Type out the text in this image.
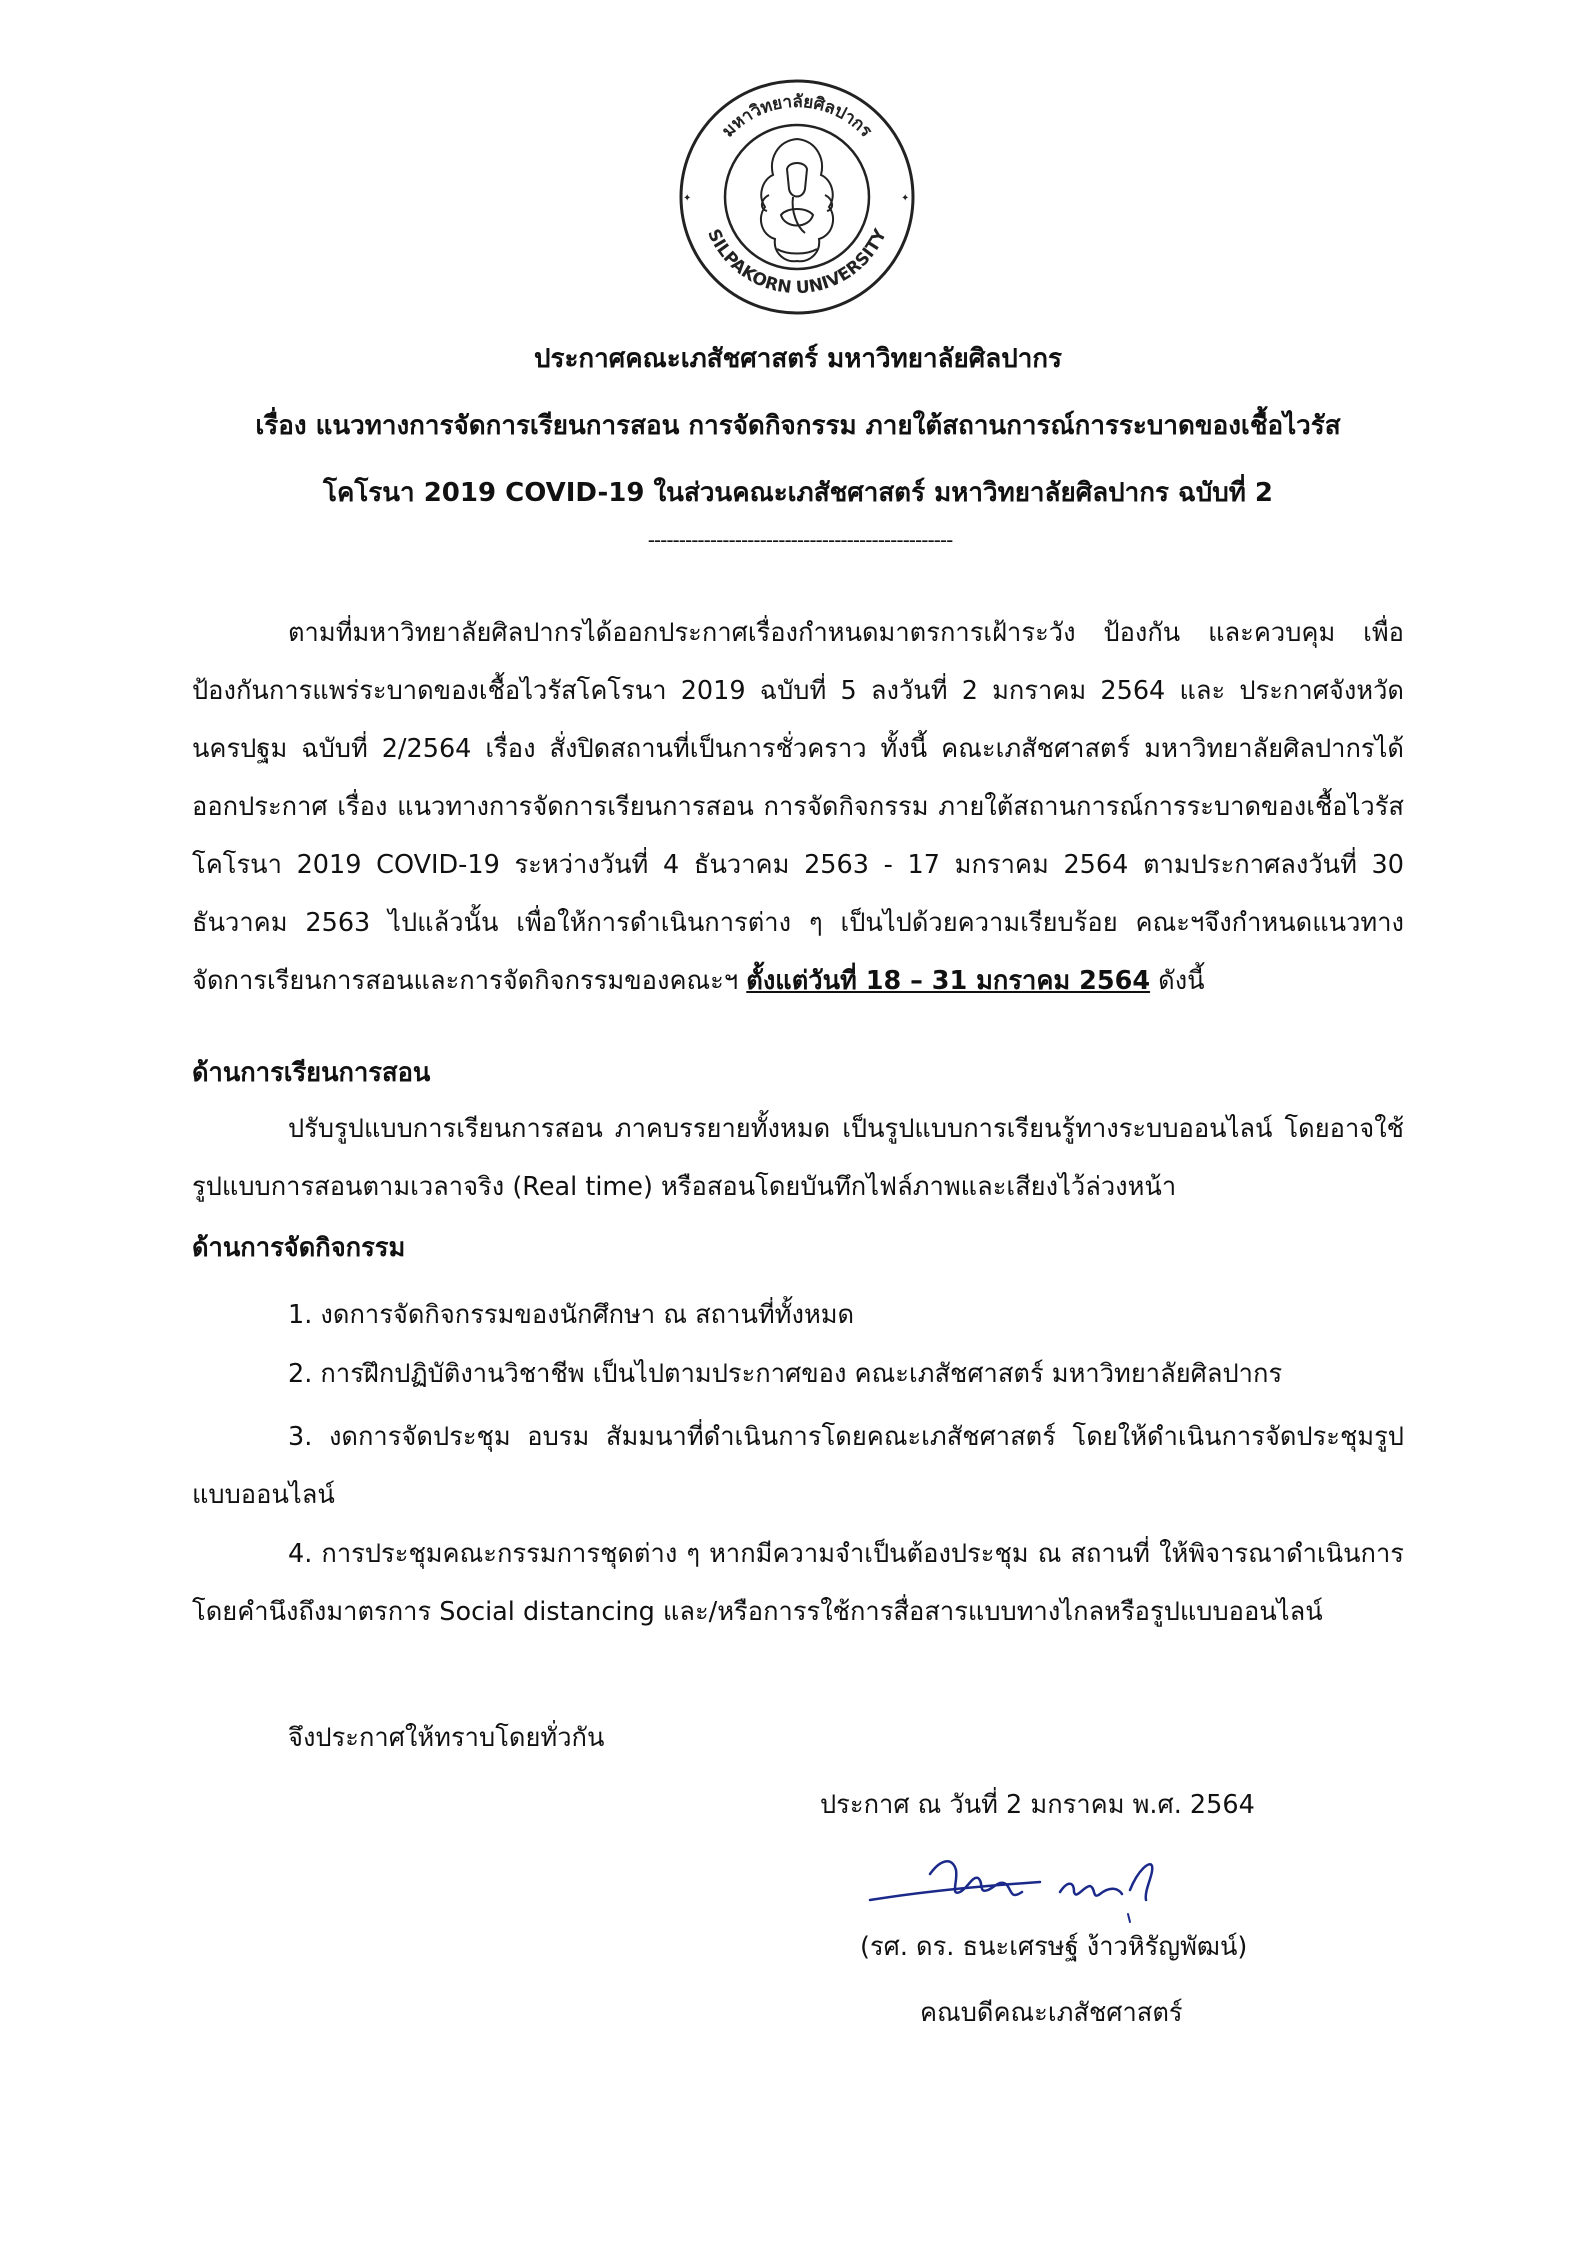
✦	✦
มหาวิทยาลัยศิลปากร
SILPAKORN UNIVERSITY
ประกาศคณะเภสัชศาสตร์ มหาวิทยาลัยศิลปากร
เรื่อง แนวทางการจัดการเรียนการสอน การจัดกิจกรรม ภายใต้สถานการณ์การระบาดของเชื้อไวรัส
โคโรนา 2019 COVID-19 ในส่วนคณะเภสัชศาสตร์ มหาวิทยาลัยศิลปากร ฉบับที่ 2
-------------------------------------------------

ตามที่มหาวิทยาลัยศิลปากรได้ออกประกาศเรื่องกำหนดมาตรการเฝ้าระวัง ป้องกัน และควบคุม เพื่อป้องกันการแพร่ระบาดของเชื้อไวรัสโคโรนา 2019 ฉบับที่ 5 ลงวันที่ 2 มกราคม 2564 และ ประกาศจังหวัดนครปฐม ฉบับที่ 2/2564 เรื่อง สั่งปิดสถานที่เป็นการชั่วคราว ทั้งนี้ คณะเภสัชศาสตร์ มหาวิทยาลัยศิลปากรได้ออกประกาศ เรื่อง แนวทางการจัดการเรียนการสอน การจัดกิจกรรม ภายใต้สถานการณ์การระบาดของเชื้อไวรัสโคโรนา 2019 COVID-19 ระหว่างวันที่ 4 ธันวาคม 2563 - 17 มกราคม 2564 ตามประกาศลงวันที่ 30 ธันวาคม 2563 ไปแล้วนั้น เพื่อให้การดำเนินการต่าง ๆ เป็นไปด้วยความเรียบร้อย คณะฯจึงกำหนดแนวทางจัดการเรียนการสอนและการจัดกิจกรรมของคณะฯ ตั้งแต่วันที่ 18 – 31 มกราคม 2564 ดังนี้

ด้านการเรียนการสอน

ปรับรูปแบบการเรียนการสอน ภาคบรรยายทั้งหมด เป็นรูปแบบการเรียนรู้ทางระบบออนไลน์ โดยอาจใช้รูปแบบการสอนตามเวลาจริง (Real time) หรือสอนโดยบันทึกไฟล์ภาพและเสียงไว้ล่วงหน้า

ด้านการจัดกิจกรรม

1. งดการจัดกิจกรรมของนักศึกษา ณ สถานที่ทั้งหมด

2. การฝึกปฏิบัติงานวิชาชีพ เป็นไปตามประกาศของ คณะเภสัชศาสตร์ มหาวิทยาลัยศิลปากร

3. งดการจัดประชุม อบรม สัมมนาที่ดำเนินการโดยคณะเภสัชศาสตร์ โดยให้ดำเนินการจัดประชุมรูปแบบออนไลน์

4. การประชุมคณะกรรมการชุดต่าง ๆ หากมีความจำเป็นต้องประชุม ณ สถานที่ ให้พิจารณาดำเนินการโดยคำนึงถึงมาตรการ Social distancing และ/หรือการรใช้การสื่อสารแบบทางไกลหรือรูปแบบออนไลน์

จึงประกาศให้ทราบโดยทั่วกัน
ประกาศ ณ วันที่ 2 มกราคม พ.ศ. 2564
(รศ. ดร. ธนะเศรษฐ์ ง้าวหิรัญพัฒน์)
คณบดีคณะเภสัชศาสตร์
